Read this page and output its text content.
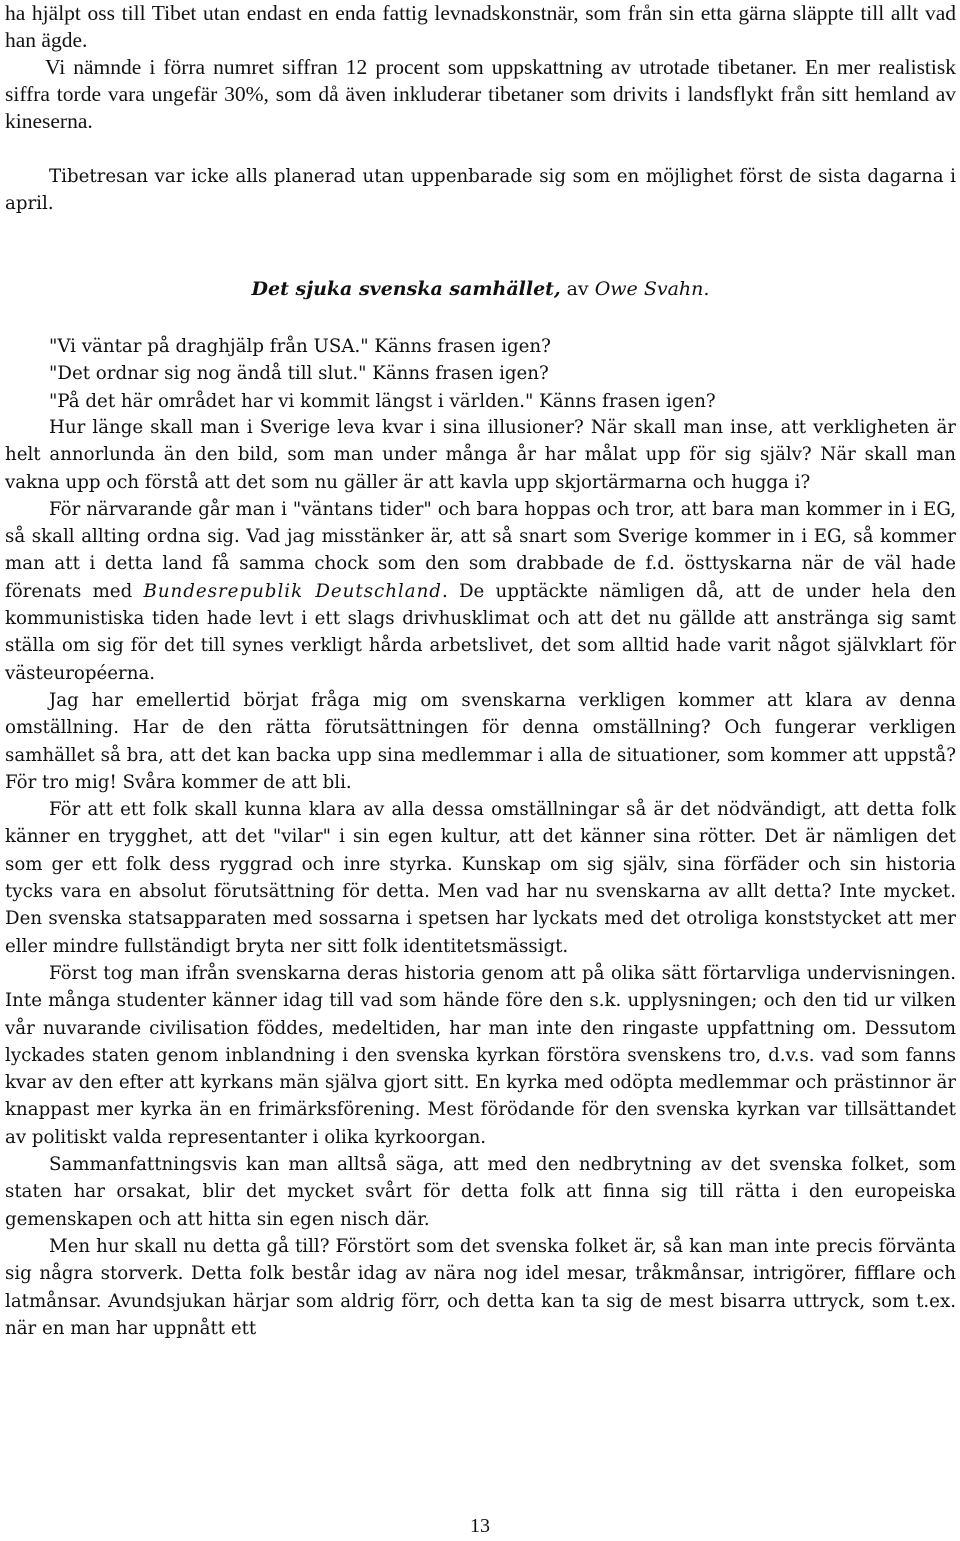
ha hjälpt oss till Tibet utan endast en enda fattig levnadskonstnär, som från sin etta gärna släppte till allt vad han ägde.

Vi nämnde i förra numret siffran 12 procent som uppskattning av utrotade tibetaner. En mer realistisk siffra torde vara ungefär 30%, som då även inkluderar tibetaner som drivits i landsflykt från sitt hemland av kineserna.

Tibetresan var icke alls planerad utan uppenbarade sig som en möjlighet först de sista dagarna i april.

Det sjuka svenska samhället, av Owe Svahn.

"Vi väntar på draghjälp från USA." Känns frasen igen?

"Det ordnar sig nog ändå till slut." Känns frasen igen?

"På det här området har vi kommit längst i världen." Känns frasen igen?

Hur länge skall man i Sverige leva kvar i sina illusioner? När skall man inse, att verkligheten är helt annorlunda än den bild, som man under många år har målat upp för sig själv? När skall man vakna upp och förstå att det som nu gäller är att kavla upp skjortärmarna och hugga i?

För närvarande går man i "väntans tider" och bara hoppas och tror, att bara man kommer in i EG, så skall allting ordna sig. Vad jag misstänker är, att så snart som Sverige kommer in i EG, så kommer man att i detta land få samma chock som den som drabbade de f.d. östtyskarna när de väl hade förenats med Bundesrepublik Deutschland. De upptäckte nämligen då, att de under hela den kommunistiska tiden hade levt i ett slags drivhusklimat och att det nu gällde att anstränga sig samt ställa om sig för det till synes verkligt hårda arbetslivet, det som alltid hade varit något självklart för västeuropéerna.

Jag har emellertid börjat fråga mig om svenskarna verkligen kommer att klara av denna omställning. Har de den rätta förutsättningen för denna omställning? Och fungerar verkligen samhället så bra, att det kan backa upp sina medlemmar i alla de situationer, som kommer att uppstå? För tro mig! Svåra kommer de att bli.

För att ett folk skall kunna klara av alla dessa omställningar så är det nödvändigt, att detta folk känner en trygghet, att det "vilar" i sin egen kultur, att det känner sina rötter. Det är nämligen det som ger ett folk dess ryggrad och inre styrka. Kunskap om sig själv, sina förfäder och sin historia tycks vara en absolut förutsättning för detta. Men vad har nu svenskarna av allt detta? Inte mycket. Den svenska statsapparaten med sossarna i spetsen har lyckats med det otroliga konststycket att mer eller mindre fullständigt bryta ner sitt folk identitetsmässigt.

Först tog man ifrån svenskarna deras historia genom att på olika sätt förtarvliga undervisningen. Inte många studenter känner idag till vad som hände före den s.k. upplysningen; och den tid ur vilken vår nuvarande civilisation föddes, medeltiden, har man inte den ringaste uppfattning om. Dessutom lyckades staten genom inblandning i den svenska kyrkan förstöra svenskens tro, d.v.s. vad som fanns kvar av den efter att kyrkans män själva gjort sitt. En kyrka med odöpta medlemmar och prästinnor är knappast mer kyrka än en frimärksförening. Mest förödande för den svenska kyrkan var tillsättandet av politiskt valda representanter i olika kyrkoorgan.

Sammanfattningsvis kan man alltså säga, att med den nedbrytning av det svenska folket, som staten har orsakat, blir det mycket svårt för detta folk att finna sig till rätta i den europeiska gemenskapen och att hitta sin egen nisch där.

Men hur skall nu detta gå till? Förstört som det svenska folket är, så kan man inte precis förvänta sig några storverk. Detta folk består idag av nära nog idel mesar, tråkmånsar, intrigörer, fifflare och latmånsar. Avundsjukan härjar som aldrig förr, och detta kan ta sig de mest bisarra uttryck, som t.ex. när en man har uppnått ett

13
